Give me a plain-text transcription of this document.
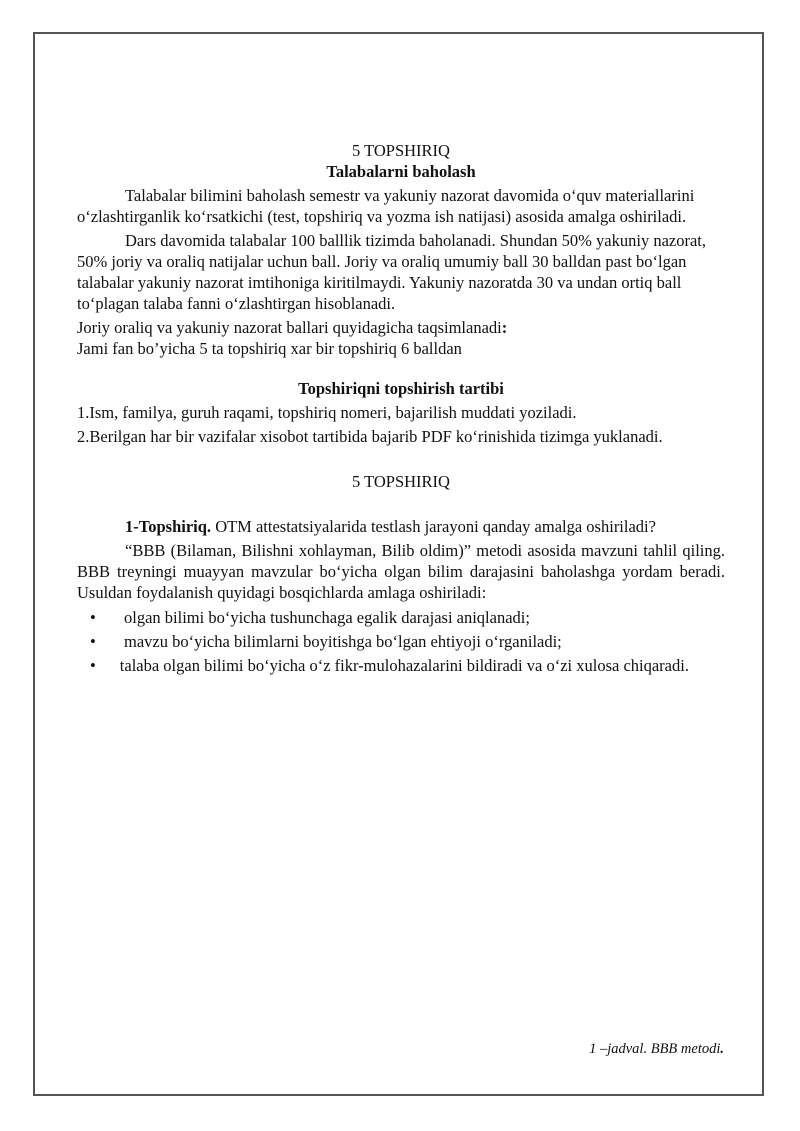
5 TOPSHIRIQ

Talabalarni baholash

Talabalar bilimini baholash semestr va yakuniy nazorat davomida o‘quv materiallarini o‘zlashtirganlik ko‘rsatkichi (test, topshiriq va yozma ish natijasi) asosida amalga oshiriladi.

Dars davomida talabalar 100 balllik tizimda baholanadi. Shundan 50% yakuniy nazorat, 50% joriy va oraliq natijalar uchun ball. Joriy va oraliq umumiy ball 30 balldan past bo‘lgan talabalar yakuniy nazorat imtihoniga kiritilmaydi. Yakuniy nazoratda 30 va undan ortiq ball to‘plagan talaba fanni o‘zlashtirgan hisoblanadi.

Joriy oraliq va yakuniy nazorat ballari quyidagicha taqsimlanadi:

Jami fan bo’yicha 5 ta topshiriq xar bir topshiriq 6 balldan

Topshiriqni topshirish tartibi

1.Ism, familya, guruh raqami, topshiriq nomeri, bajarilish muddati yoziladi.

2.Berilgan har bir vazifalar xisobot tartibida bajarib PDF ko‘rinishida tizimga yuklanadi.

5 TOPSHIRIQ

1-Topshiriq. OTM attestatsiyalarida testlash jarayoni qanday amalga oshiriladi?

“BBB (Bilaman, Bilishni xohlayman, Bilib oldim)” metodi asosida mavzuni tahlil qiling. BBB treyningi muayyan mavzular bo‘yicha olgan bilim darajasini baholashga yordam beradi. Usuldan foydalanish quyidagi bosqichlarda amlaga oshiriladi:

• olgan bilimi bo‘yicha tushunchaga egalik darajasi aniqlanadi;
• mavzu bo‘yicha bilimlarni boyitishga bo‘lgan ehtiyoji o‘rganiladi;
• talaba olgan bilimi bo‘yicha o‘z fikr-mulohazalarini bildiradi va o‘zi xulosa chiqaradi.
1 –jadval. BBB metodi.
